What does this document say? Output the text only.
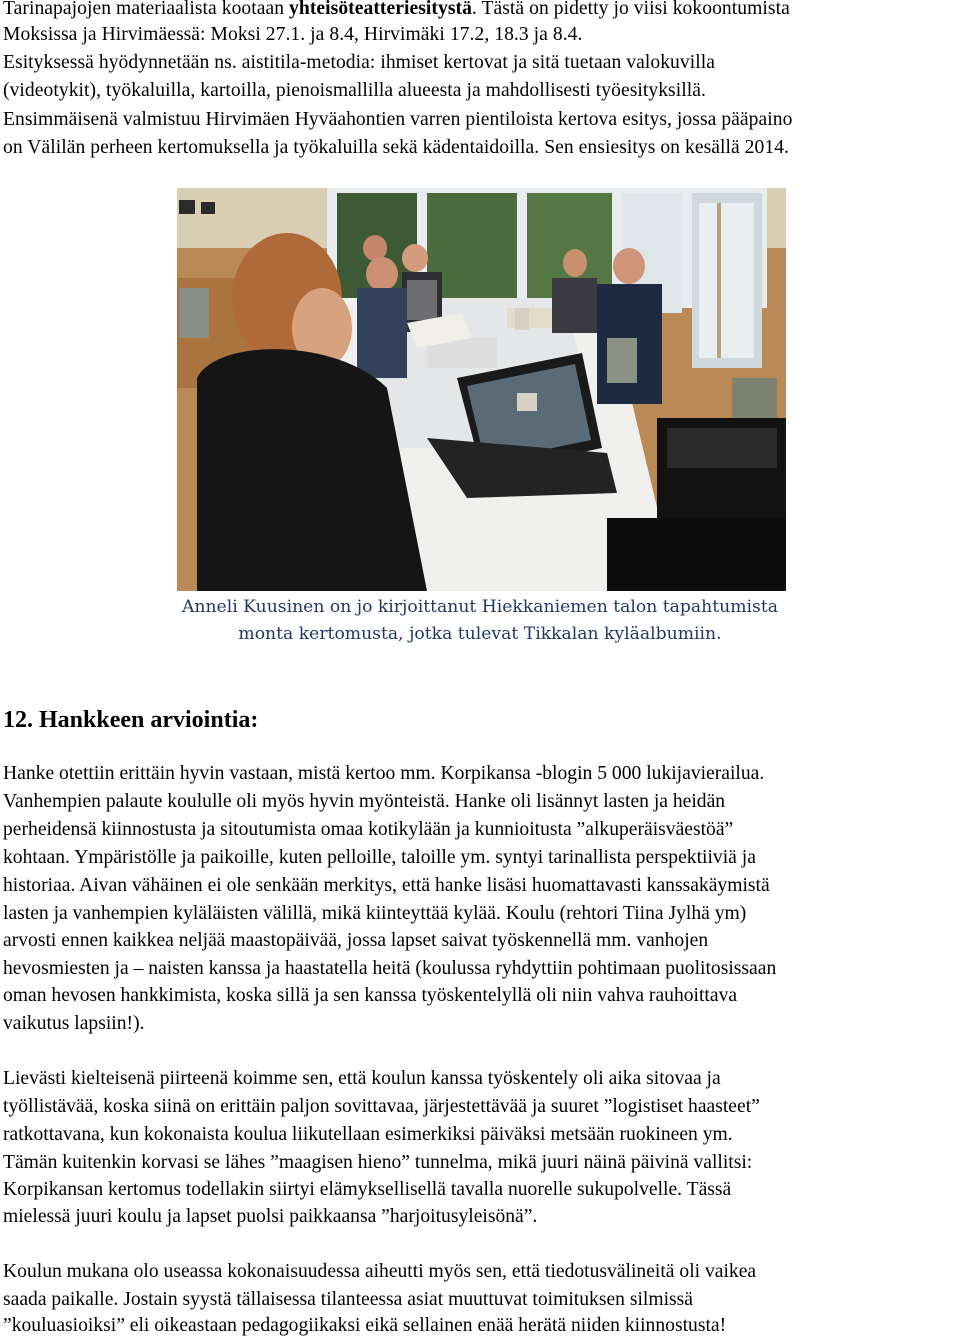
Tarinapajojen materiaalista kootaan yhteisöteatteriesitystä. Tästä on pidetty jo viisi kokoontumista
Moksissa ja Hirvimäessä: Moksi 27.1. ja 8.4, Hirvimäki 17.2, 18.3 ja 8.4.
Esityksessä hyödynnetään ns. aistitila-metodia: ihmiset kertovat ja sitä tuetaan valokuvilla
(videotykit), työkaluilla, kartoilla, pienoismallilla alueesta ja mahdollisesti työesityksillä.
Ensimmäisenä valmistuu Hirvimäen Hyväahontien varren pientiloista kertova esitys, jossa pääpaino
on Välilän perheen kertomuksella ja työkaluilla sekä kädentaidoilla. Sen ensiesitys on kesällä 2014.
Anneli Kuusinen on jo kirjoittanut Hiekkaniemen talon tapahtumista
monta kertomusta, jotka tulevat Tikkalan kyläalbumiin.
12. Hankkeen arviointia:
Hanke otettiin erittäin hyvin vastaan, mistä kertoo mm. Korpikansa -blogin 5 000 lukijavierailua.
Vanhempien palaute koululle oli myös hyvin myönteistä. Hanke oli lisännyt lasten ja heidän
perheidensä kiinnostusta ja sitoutumista omaa kotikylään ja kunnioitusta ”alkuperäisväestöä”
kohtaan. Ympäristölle ja paikoille, kuten pelloille, taloille ym. syntyi tarinallista perspektiiviä ja
historiaa. Aivan vähäinen ei ole senkään merkitys, että hanke lisäsi huomattavasti kanssakäymistä
lasten ja vanhempien kyläläisten välillä, mikä kiinteyttää kylää. Koulu (rehtori Tiina Jylhä ym)
arvosti ennen kaikkea neljää maastopäivää, jossa lapset saivat työskennellä mm. vanhojen
hevosmiesten ja – naisten kanssa ja haastatella heitä (koulussa ryhdyttiin pohtimaan puolitosissaan
oman hevosen hankkimista, koska sillä ja sen kanssa työskentelyllä oli niin vahva rauhoittava
vaikutus lapsiin!).
Lievästi kielteisenä piirteenä koimme sen, että koulun kanssa työskentely oli aika sitovaa ja
työllistävää, koska siinä on erittäin paljon sovittavaa, järjestettävää ja suuret ”logistiset haasteet”
ratkottavana, kun kokonaista koulua liikutellaan esimerkiksi päiväksi metsään ruokineen ym.
Tämän kuitenkin korvasi se lähes ”maagisen hieno” tunnelma, mikä juuri näinä päivinä vallitsi:
Korpikansan kertomus todellakin siirtyi elämyksellisellä tavalla nuorelle sukupolvelle. Tässä
mielessä juuri koulu ja lapset puolsi paikkaansa ”harjoitusyleisönä”.
Koulun mukana olo useassa kokonaisuudessa aiheutti myös sen, että tiedotusvälineitä oli vaikea
saada paikalle. Jostain syystä tällaisessa tilanteessa asiat muuttuvat toimituksen silmissä
”kouluasioiksi” eli oikeastaan pedagogiikaksi eikä sellainen enää herätä niiden kiinnostusta!
